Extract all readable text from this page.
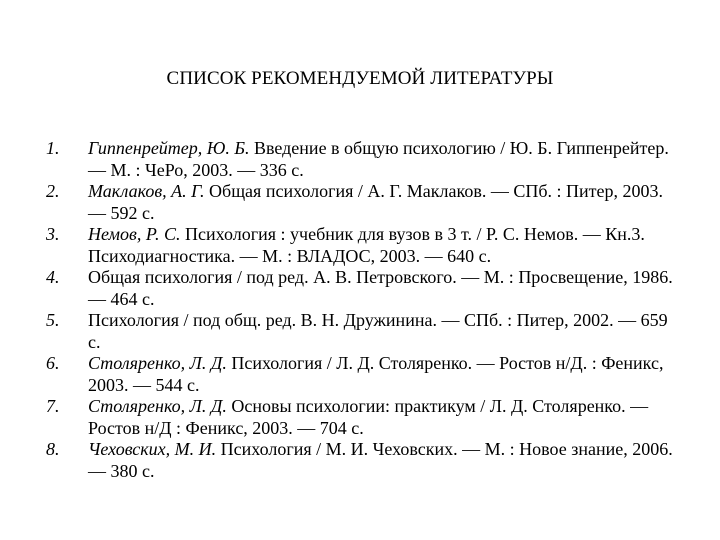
СПИСОК РЕКОМЕНДУЕМОЙ ЛИТЕРАТУРЫ
1. Гиппенрейтер, Ю. Б. Введение в общую психологию / Ю. Б. Гиппенрейтер. — М. : ЧеРо, 2003. — 336 с.
2. Маклаков, А. Г. Общая психология / А. Г. Маклаков. — СПб. : Питер, 2003. — 592 с.
3. Немов, Р. С. Психология : учебник для вузов в 3 т. / Р. С. Немов. — Кн.3. Психодиагностика. — М. : ВЛАДОС, 2003. — 640 с.
4. Общая психология / под ред. А. В. Петровского. — М. : Просвещение, 1986. — 464 с.
5. Психология / под общ. ред. В. Н. Дружинина. — СПб. : Питер, 2002. — 659 с.
6. Столяренко, Л. Д. Психология / Л. Д. Столяренко. — Ростов н/Д. : Феникс, 2003. — 544 с.
7. Столяренко, Л. Д. Основы психологии: практикум / Л. Д. Столяренко. — Ростов н/Д : Феникс, 2003. — 704 с.
8. Чеховских, М. И. Психология / М. И. Чеховских. — М. : Новое знание, 2006. — 380 с.
